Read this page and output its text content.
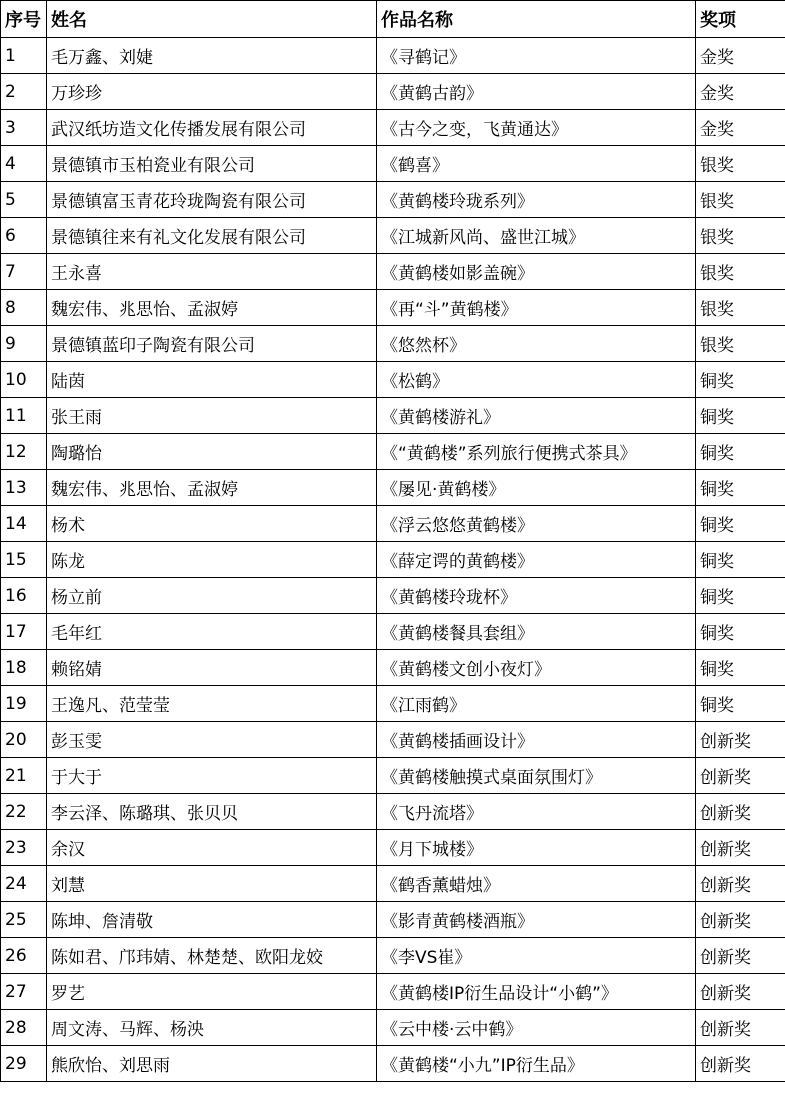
序号	姓名	作品名称	奖项
1	毛万鑫、刘婕	《寻鹤记》	金奖
2	万珍珍	《黄鹤古韵》	金奖
3	武汉纸坊造文化传播发展有限公司	《古今之变，飞黄通达》	金奖
4	景德镇市玉柏瓷业有限公司	《鹤喜》	银奖
5	景德镇富玉青花玲珑陶瓷有限公司	《黄鹤楼玲珑系列》	银奖
6	景德镇往来有礼文化发展有限公司	《江城新风尚、盛世江城》	银奖
7	王永喜	《黄鹤楼如影盖碗》	银奖
8	魏宏伟、兆思怡、孟淑婷	《再“斗”黄鹤楼》	银奖
9	景德镇蓝印子陶瓷有限公司	《悠然杯》	银奖
10	陆茵	《松鹤》	铜奖
11	张王雨	《黄鹤楼游礼》	铜奖
12	陶璐怡	《“黄鹤楼”系列旅行便携式茶具》	铜奖
13	魏宏伟、兆思怡、孟淑婷	《屡见·黄鹤楼》	铜奖
14	杨术	《浮云悠悠黄鹤楼》	铜奖
15	陈龙	《薛定谔的黄鹤楼》	铜奖
16	杨立前	《黄鹤楼玲珑杯》	铜奖
17	毛年红	《黄鹤楼餐具套组》	铜奖
18	赖铭婧	《黄鹤楼文创小夜灯》	铜奖
19	王逸凡、范莹莹	《江雨鹤》	铜奖
20	彭玉雯	《黄鹤楼插画设计》	创新奖
21	于大于	《黄鹤楼触摸式桌面氛围灯》	创新奖
22	李云泽、陈璐琪、张贝贝	《飞丹流塔》	创新奖
23	余汉	《月下城楼》	创新奖
24	刘慧	《鹤香薰蜡烛》	创新奖
25	陈坤、詹清敬	《影青黄鹤楼酒瓶》	创新奖
26	陈如君、邝玮婧、林楚楚、欧阳龙姣	《李VS崔》	创新奖
27	罗艺	《黄鹤楼IP衍生品设计“小鹤”》	创新奖
28	周文涛、马辉、杨泱	《云中楼·云中鹤》	创新奖
29	熊欣怡、刘思雨	《黄鹤楼“小九”IP衍生品》	创新奖
